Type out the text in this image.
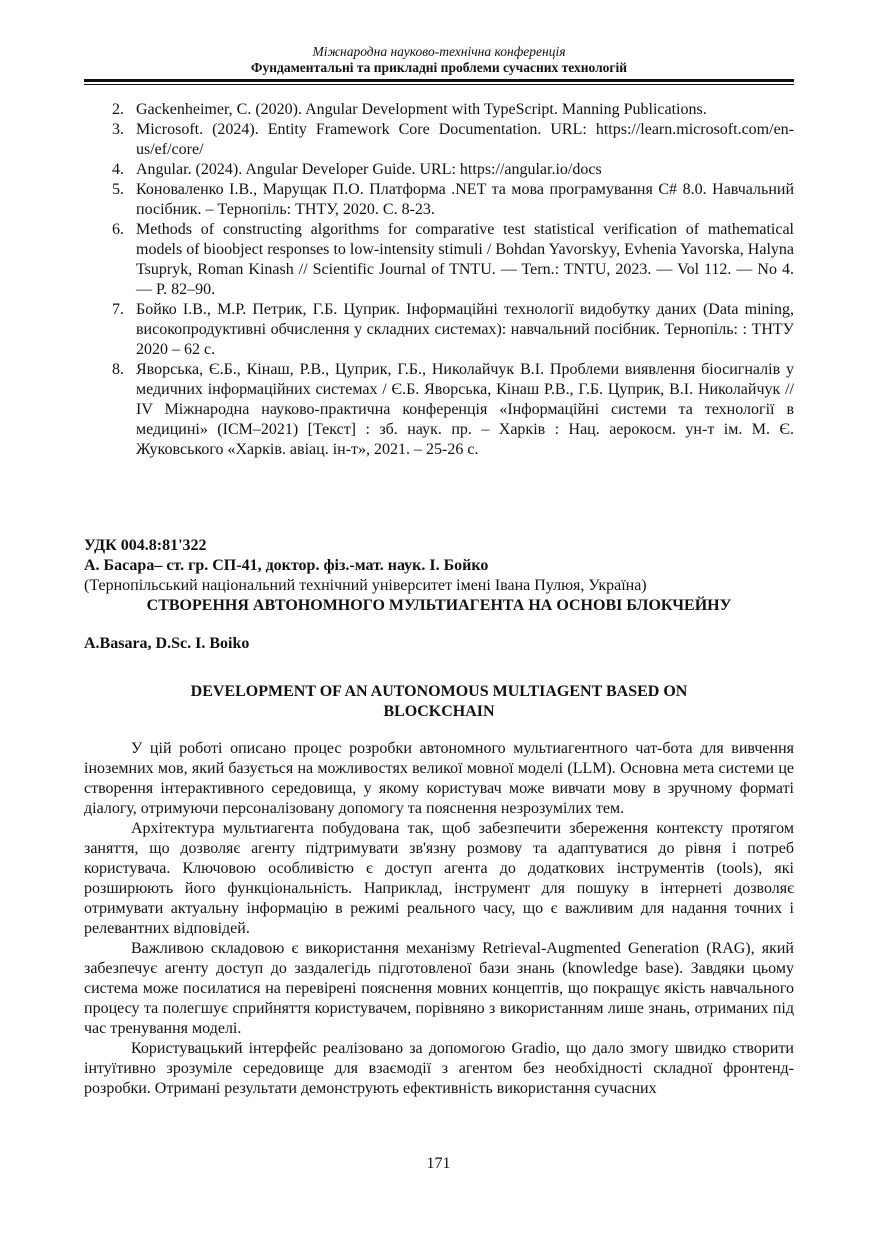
Міжнародна науково-технічна конференція
Фундаментальні та прикладні проблеми сучасних технологій
2. Gackenheimer, C. (2020). Angular Development with TypeScript. Manning Publications.
3. Microsoft. (2024). Entity Framework Core Documentation. URL: https://learn.microsoft.com/en-us/ef/core/
4. Angular. (2024). Angular Developer Guide. URL: https://angular.io/docs
5. Коноваленко І.В., Марущак П.О. Платформа .NET та мова програмування C# 8.0. Навчальний посібник. – Тернопіль: ТНТУ, 2020. С. 8-23.
6. Methods of constructing algorithms for comparative test statistical verification of mathematical models of bioobject responses to low-intensity stimuli / Bohdan Yavorskyy, Evhenia Yavorska, Halyna Tsupryk, Roman Kinash // Scientific Journal of TNTU. — Tern.: TNTU, 2023. — Vol 112. — No 4. — P. 82–90.
7. Бойко І.В., М.Р. Петрик, Г.Б. Цуприк. Інформаційні технології видобутку даних (Data mining, високопродуктивні обчислення у складних системах): навчальний посібник. Тернопіль: : ТНТУ 2020 – 62 с.
8. Яворська, Є.Б., Кінаш, Р.В., Цуприк, Г.Б., Николайчук В.І. Проблеми виявлення біосигналів у медичних інформаційних системах / Є.Б. Яворська, Кінаш Р.В., Г.Б. Цуприк, В.І. Николайчук // IV Міжнародна науково-практична конференція «Інформаційні системи та технології в медицині» (ІСМ–2021) [Текст] : зб. наук. пр. – Харків : Нац. аерокосм. ун-т ім. М. Є. Жуковського «Харків. авіац. ін-т», 2021. – 25-26 с.
УДК 004.8:81'322
А. Басара– ст. гр. СП-41, доктор. фіз.-мат. наук. І. Бойко
(Тернопільський національний технічний університет імені Івана Пулюя, Україна)
СТВОРЕННЯ АВТОНОМНОГО МУЛЬТИАГЕНТА НА ОСНОВІ БЛОКЧЕЙНУ
A.Basara, D.Sc. I. Boiko
DEVELOPMENT OF AN AUTONOMOUS MULTIAGENT BASED ON
BLOCKCHAIN

У цій роботі описано процес розробки автономного мультиагентного чат-бота для вивчення іноземних мов, який базується на можливостях великої мовної моделі (LLM). Основна мета системи це створення інтерактивного середовища, у якому користувач може вивчати мову в зручному форматі діалогу, отримуючи персоналізовану допомогу та пояснення незрозумілих тем.

Архітектура мультиагента побудована так, щоб забезпечити збереження контексту протягом заняття, що дозволяє агенту підтримувати зв'язну розмову та адаптуватися до рівня і потреб користувача. Ключовою особливістю є доступ агента до додаткових інструментів (tools), які розширюють його функціональність. Наприклад, інструмент для пошуку в інтернеті дозволяє отримувати актуальну інформацію в режимі реального часу, що є важливим для надання точних і релевантних відповідей.

Важливою складовою є використання механізму Retrieval-Augmented Generation (RAG), який забезпечує агенту доступ до заздалегідь підготовленої бази знань (knowledge base). Завдяки цьому система може посилатися на перевірені пояснення мовних концептів, що покращує якість навчального процесу та полегшує сприйняття користувачем, порівняно з використанням лише знань, отриманих під час тренування моделі.

Користувацький інтерфейс реалізовано за допомогою Gradio, що дало змогу швидко створити інтуїтивно зрозуміле середовище для взаємодії з агентом без необхідності складної фронтенд-розробки. Отримані результати демонструють ефективність використання сучасних

171
